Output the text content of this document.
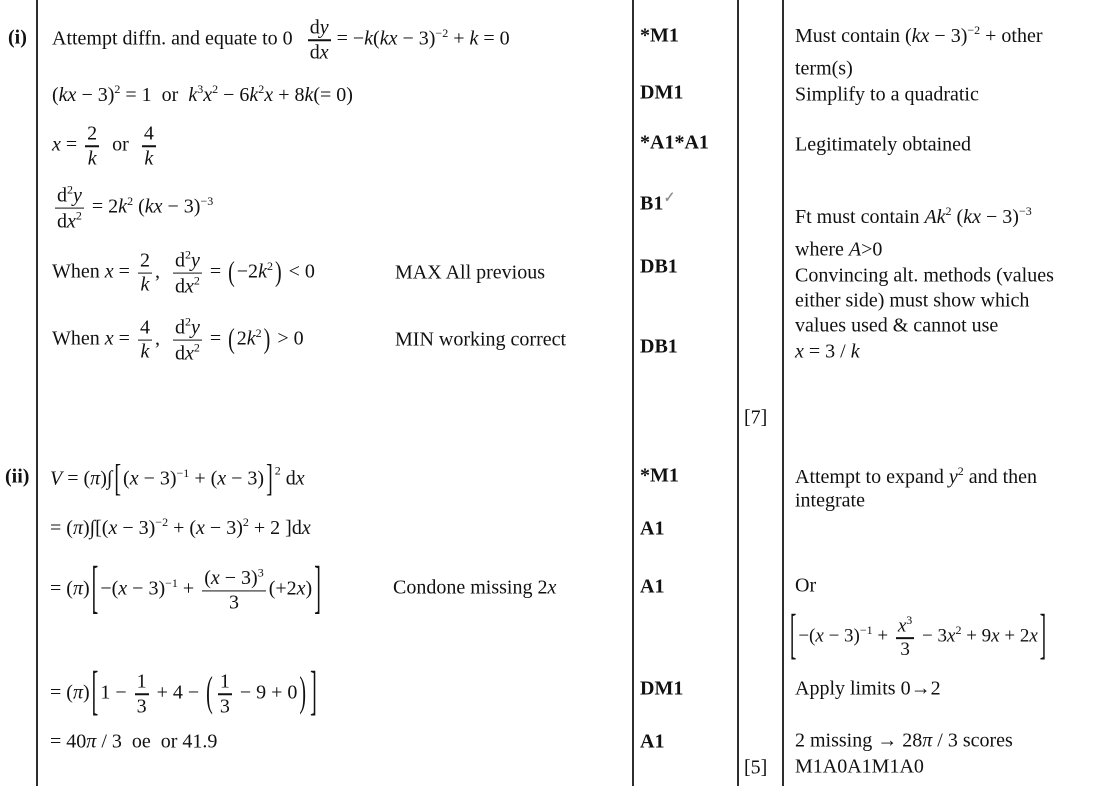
(i)
(ii)
Attempt diffn. and equate to $0 \frac{dy}{dx} = -k(kx - 3)^{-2} + k = 0$
(kx − 3)$^2$ = 1  or  $k^3x^2 - 6k^2x + 8k(= 0)$
$x = \frac{2}{k}$ or $\frac{4}{k}$
$\frac{d^2y}{dx^2} = 2k^2$ (kx − 3)$^{-3}$
When $x = \frac{2}{k}$ , $\frac{d^2y}{dx^2}$ = ( $-2k^2$ ) < 0
When $x = \frac{4}{k}$ , $\frac{d^2y}{dx^2}$ = ( $2k^2$ ) > 0
MAX All previous
MIN working correct
*M1
DM1
*A1*A1
B1✓
DB1
DB1
[7]
Must contain (kx − 3)$^{-2}$ + other
term(s)
Simplify to a quadratic
Legitimately obtained
Ft must contain Ak$^2$ (kx − 3)$^{-3}$
where A>0
Convincing alt. methods (values
either side) must show which
values used & cannot use
x = 3 / k
V = (π)∫ [ $(x - 3)^{-1} + (x - 3)$ ] $^2$ dx
= $(\pi)\int[(x - 3)^{-2} + (x - 3)^2 + 2$ ]dx
= (π) [ $-(x - 3)^{-1} + \frac{(x - 3)^3}{3} (+2x)$ ]
= (π) [ $1 - \frac{1}{3} + 4$ − ( $\frac{1}{3} - 9 + 0$ ) ]
= 40π / 3  oe  or 41.9
Condone missing 2x
*M1
A1
A1
DM1
A1
[5]
Attempt to expand $y^2$ and then
integrate
Or
[ $-(x - 3)^{-1} + \frac{x^3}{3} - 3x^2 + 9x + 2x$ ]
Apply limits 0→2
2 missing → 28π / 3 scores
M1A0A1M1A0
